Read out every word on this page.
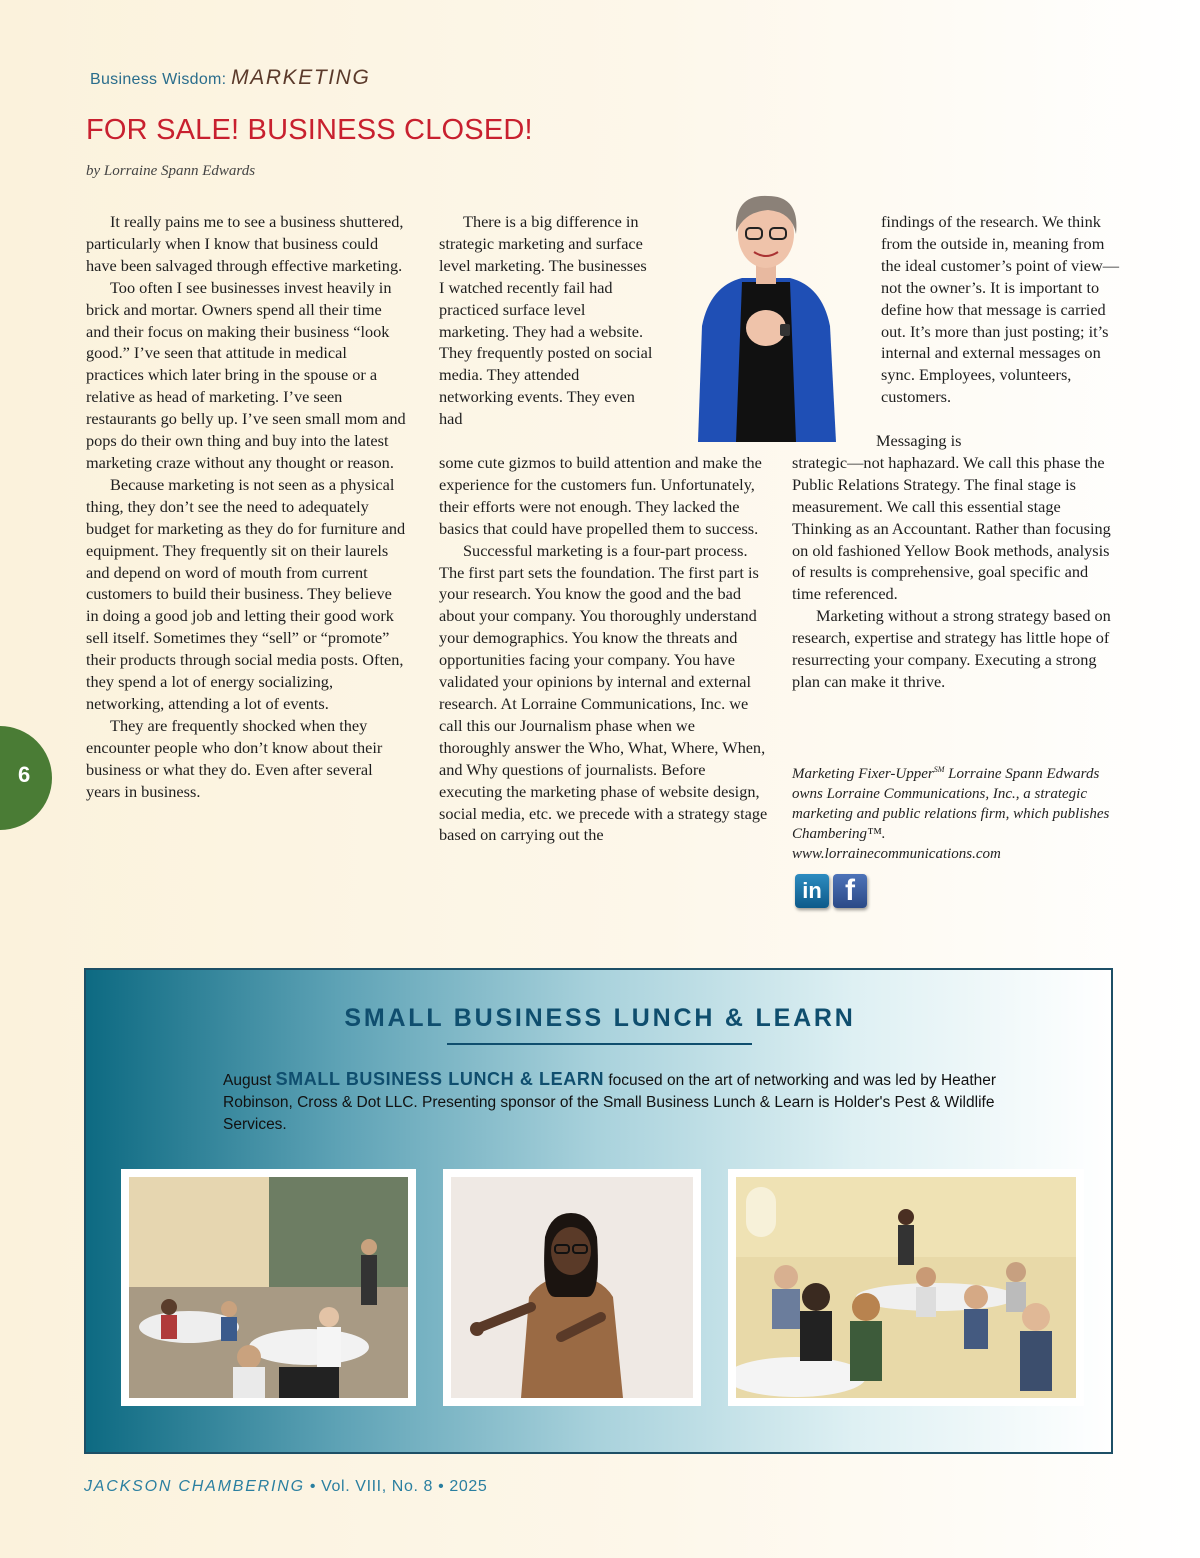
Business Wisdom: MARKETING
FOR SALE! BUSINESS CLOSED!
by Lorraine Spann Edwards

It really pains me to see a business shuttered, particularly when I know that business could have been salvaged through effective marketing.

Too often I see businesses invest heavily in brick and mortar. Owners spend all their time and their focus on making their business “look good.” I’ve seen that attitude in medical practices which later bring in the spouse or a relative as head of marketing. I’ve seen restaurants go belly up. I’ve seen small mom and pops do their own thing and buy into the latest marketing craze without any thought or reason.

Because marketing is not seen as a physical thing, they don’t see the need to adequately budget for marketing as they do for furniture and equipment. They frequently sit on their laurels and depend on word of mouth from current customers to build their business. They believe in doing a good job and letting their good work sell itself. Sometimes they “sell” or “promote” their products through social media posts. Often, they spend a lot of energy socializing, networking, attending a lot of events.

They are frequently shocked when they encounter people who don’t know about their business or what they do. Even after several years in business.

There is a big difference in strategic marketing and surface level marketing. The businesses I watched recently fail had practiced surface level marketing. They had a website. They frequently posted on social media. They attended networking events. They even had

some cute gizmos to build attention and make the experience for the customers fun. Unfortunately, their efforts were not enough. They lacked the basics that could have propelled them to success.

Successful marketing is a four-part process. The first part sets the foundation. The first part is your research. You know the good and the bad about your company. You thoroughly understand your demographics. You know the threats and opportunities facing your company. You have validated your opinions by internal and external research. At Lorraine Communications, Inc. we call this our Journalism phase when we thoroughly answer the Who, What, Where, When, and Why questions of journalists. Before executing the marketing phase of website design, social media, etc. we precede with a strategy stage based on carrying out the

findings of the research. We think from the outside in, meaning from the ideal customer’s point of view—not the owner’s. It is important to define how that message is carried out. It’s more than just posting; it’s internal and external messages on sync. Employees, volunteers, customers.

Messaging is
strategic—not haphazard. We call this phase the Public Relations Strategy. The final stage is measurement. We call this essential stage Thinking as an Accountant. Rather than focusing on old fashioned Yellow Book methods, analysis of results is comprehensive, goal specific and time referenced.

Marketing without a strong strategy based on research, expertise and strategy has little hope of resurrecting your company. Executing a strong plan can make it thrive.

Marketing Fixer-Upper℠ Lorraine Spann Edwards owns Lorraine Communications, Inc., a strategic marketing and public relations firm, which publishes Chambering™.
www.lorrainecommunications.com
in f
6
SMALL BUSINESS LUNCH & LEARN
August SMALL BUSINESS LUNCH & LEARN focused on the art of networking and was led by Heather Robinson, Cross & Dot LLC. Presenting sponsor of the Small Business Lunch & Learn is Holder's Pest & Wildlife Services.
JACKSON CHAMBERING • Vol. VIII, No. 8 • 2025
